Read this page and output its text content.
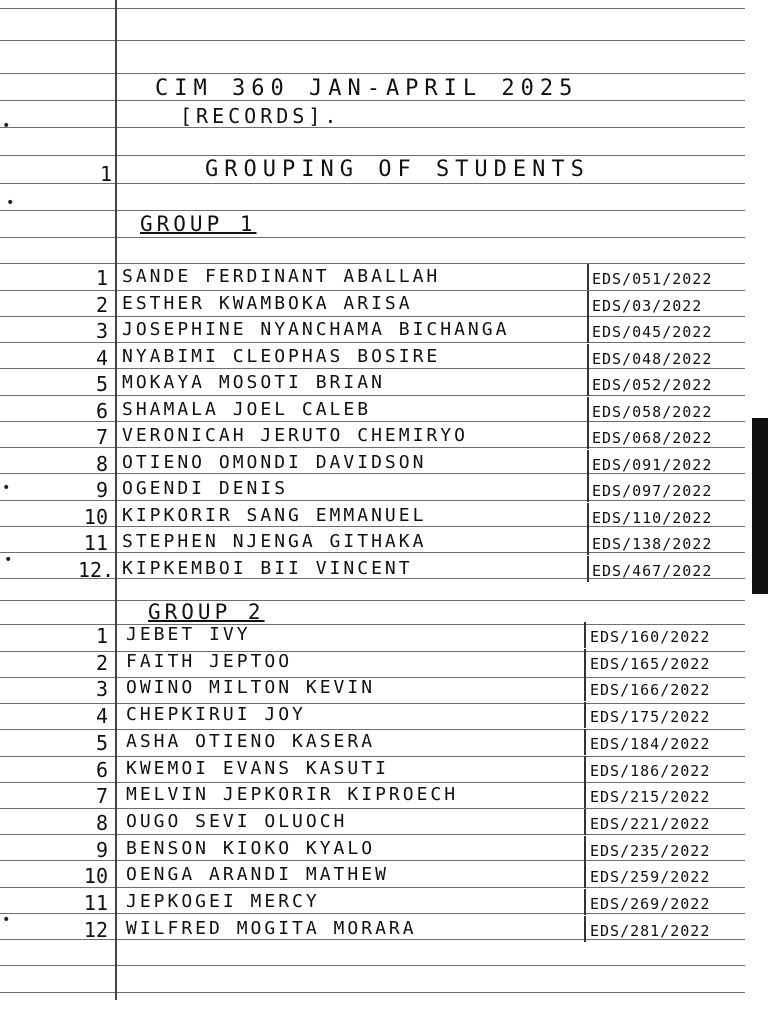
CIM 360 JAN-APRIL 2025
[RECORDS].
1	GROUPING OF STUDENTS
GROUP 1
GROUP 2
1 SANDE FERDINANT ABALLAH	EDS/051/2022
2 ESTHER KWAMBOKA ARISA	EDS/03/2022
3 JOSEPHINE NYANCHAMA BICHANGA	EDS/045/2022
4 NYABIMI CLEOPHAS BOSIRE	EDS/048/2022
5 MOKAYA MOSOTI BRIAN	EDS/052/2022
6 SHAMALA JOEL CALEB	EDS/058/2022
7 VERONICAH JERUTO CHEMIRYO	EDS/068/2022
8 OTIENO OMONDI DAVIDSON	EDS/091/2022
9 OGENDI DENIS	EDS/097/2022
10 KIPKORIR SANG EMMANUEL	EDS/110/2022
11 STEPHEN NJENGA GITHAKA	EDS/138/2022
12. KIPKEMBOI BII VINCENT	EDS/467/2022
1 JEBET IVY	EDS/160/2022
2 FAITH JEPTOO	EDS/165/2022
3 OWINO MILTON KEVIN	EDS/166/2022
4 CHEPKIRUI JOY	EDS/175/2022
5 ASHA OTIENO KASERA	EDS/184/2022
6 KWEMOI EVANS KASUTI	EDS/186/2022
7 MELVIN JEPKORIR KIPROECH	EDS/215/2022
8 OUGO SEVI OLUOCH	EDS/221/2022
9 BENSON KIOKO KYALO	EDS/235/2022
10 OENGA ARANDI MATHEW	EDS/259/2022
11 JEPKOGEI MERCY	EDS/269/2022
12 WILFRED MOGITA MORARA	EDS/281/2022
•
•
•
•
•
